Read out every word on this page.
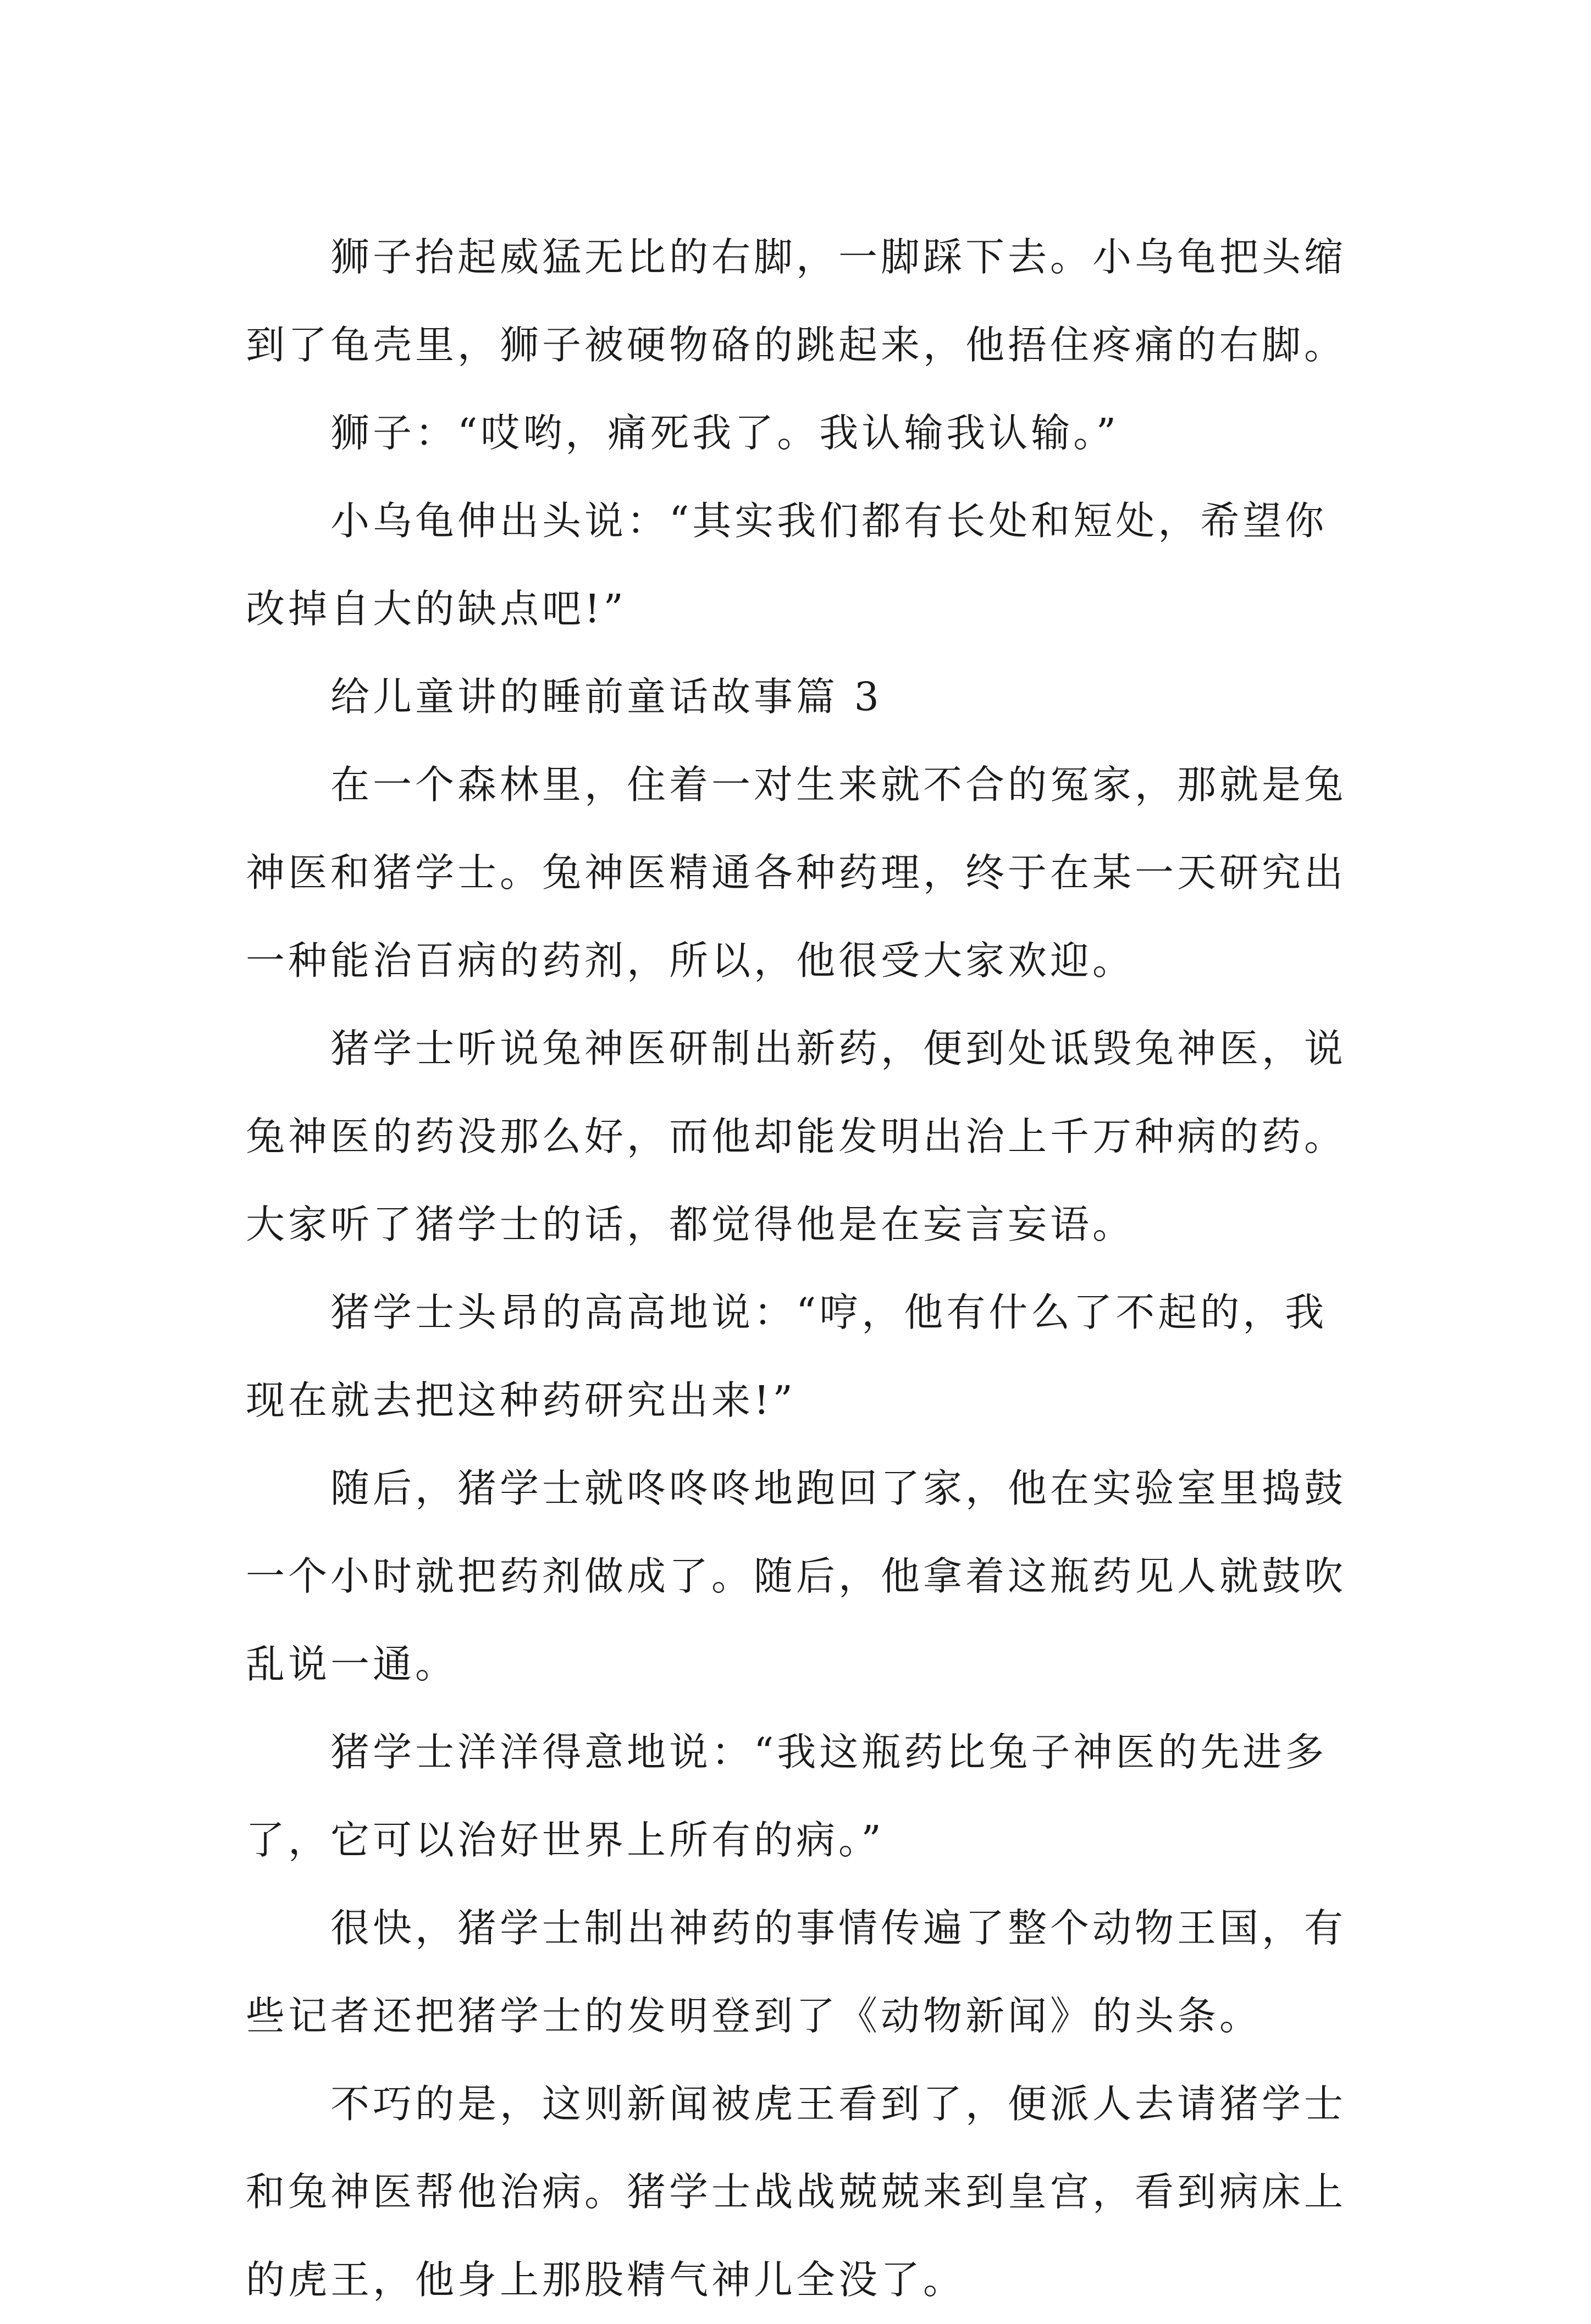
狮子抬起威猛无比的右脚，一脚踩下去。小乌龟把头缩
到了龟壳里，狮子被硬物硌的跳起来，他捂住疼痛的右脚。

狮子：“哎哟，痛死我了。我认输我认输。”

小乌龟伸出头说：“其实我们都有长处和短处，希望你
改掉自大的缺点吧!”

给儿童讲的睡前童话故事篇 3

在一个森林里，住着一对生来就不合的冤家，那就是兔
神医和猪学士。兔神医精通各种药理，终于在某一天研究出
一种能治百病的药剂，所以，他很受大家欢迎。

猪学士听说兔神医研制出新药，便到处诋毁兔神医，说
兔神医的药没那么好，而他却能发明出治上千万种病的药。
大家听了猪学士的话，都觉得他是在妄言妄语。

猪学士头昂的高高地说：“哼，他有什么了不起的，我
现在就去把这种药研究出来!”

随后，猪学士就咚咚咚地跑回了家，他在实验室里捣鼓
一个小时就把药剂做成了。随后，他拿着这瓶药见人就鼓吹
乱说一通。

猪学士洋洋得意地说：“我这瓶药比兔子神医的先进多
了，它可以治好世界上所有的病。”

很快，猪学士制出神药的事情传遍了整个动物王国，有
些记者还把猪学士的发明登到了《动物新闻》的头条。

不巧的是，这则新闻被虎王看到了，便派人去请猪学士
和兔神医帮他治病。猪学士战战兢兢来到皇宫，看到病床上
的虎王，他身上那股精气神儿全没了。
